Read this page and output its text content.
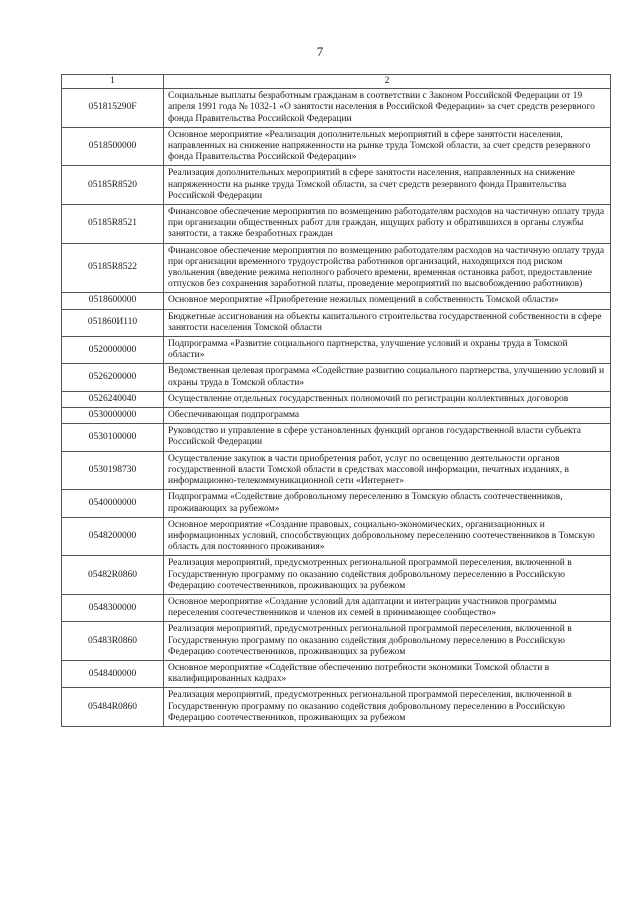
7
1	2
051815290F	Социальные выплаты безработным гражданам в соответствии с Законом Российской Федерации от 19 апреля 1991 года № 1032-1 «О занятости населения в Российской Федерации» за счет средств резервного фонда Правительства Российской Федерации
0518500000	Основное мероприятие «Реализация дополнительных мероприятий в сфере занятости населения, направленных на снижение напряженности на рынке труда Томской области, за счет средств резервного фонда Правительства Российской Федерации»
05185R8520	Реализация дополнительных мероприятий в сфере занятости населения, направленных на снижение напряженности на рынке труда Томской области, за счет средств резервного фонда Правительства Российской Федерации
05185R8521	Финансовое обеспечение мероприятия по возмещению работодателям расходов на частичную оплату труда при организации общественных работ для граждан, ищущих работу и обратившихся в органы службы занятости, а также безработных граждан
05185R8522	Финансовое обеспечение мероприятия по возмещению работодателям расходов на частичную оплату труда при организации временного трудоустройства работников организаций, находящихся под риском увольнения (введение режима неполного рабочего времени, временная остановка работ, предоставление отпусков без сохранения заработной платы, проведение мероприятий по высвобождению работников)
0518600000	Основное мероприятие «Приобретение нежилых помещений в собственность Томской области»
051860И110	Бюджетные ассигнования на объекты капитального строительства государственной собственности в сфере занятости населения Томской области
0520000000	Подпрограмма «Развитие социального партнерства, улучшение условий и охраны труда в Томской области»
0526200000	Ведомственная целевая программа «Содействие развитию социального партнерства, улучшению условий и охраны труда в Томской области»
0526240040	Осуществление отдельных государственных полномочий по регистрации коллективных договоров
0530000000	Обеспечивающая подпрограмма
0530100000	Руководство и управление в сфере установленных функций органов государственной власти субъекта Российской Федерации
0530198730	Осуществление закупок в части приобретения работ, услуг по освещению деятельности органов государственной власти Томской области в средствах массовой информации, печатных изданиях, в информационно-телекоммуникационной сети «Интернет»
0540000000	Подпрограмма «Содействие добровольному переселению в Томскую область соотечественников, проживающих за рубежом»
0548200000	Основное мероприятие «Создание правовых, социально-экономических, организационных и информационных условий, способствующих добровольному переселению соотечественников в Томскую область для постоянного проживания»
05482R0860	Реализация мероприятий, предусмотренных региональной программой переселения, включенной в Государственную программу по оказанию содействия добровольному переселению в Российскую Федерацию соотечественников, проживающих за рубежом
0548300000	Основное мероприятие «Создание условий для адаптации и интеграции участников программы переселения соотечественников и членов их семей в принимающее сообщество»
05483R0860	Реализация мероприятий, предусмотренных региональной программой переселения, включенной в Государственную программу по оказанию содействия добровольному переселению в Российскую Федерацию соотечественников, проживающих за рубежом
0548400000	Основное мероприятие «Содействие обеспечению потребности экономики Томской области в квалифицированных кадрах»
05484R0860	Реализация мероприятий, предусмотренных региональной программой переселения, включенной в Государственную программу по оказанию содействия добровольному переселению в Российскую Федерацию соотечественников, проживающих за рубежом
